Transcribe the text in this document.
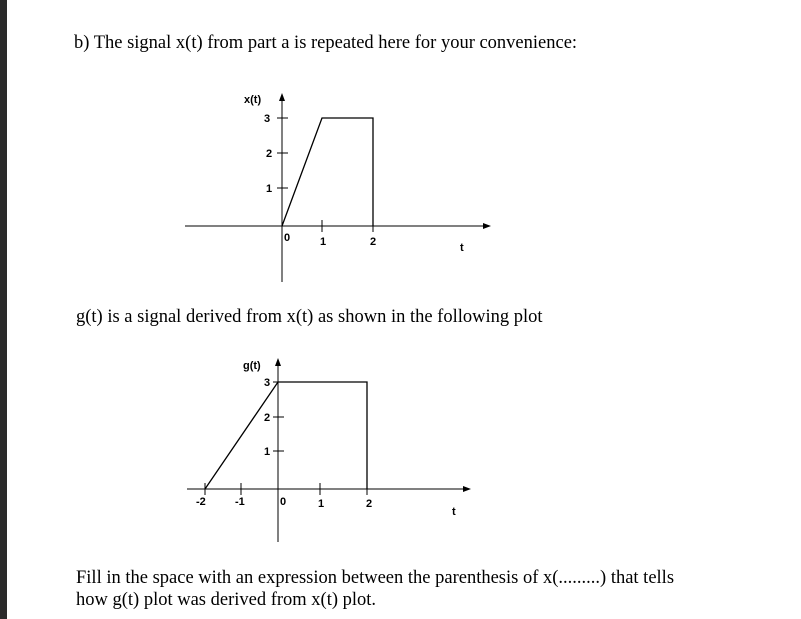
b) The signal x(t) from part a is repeated here for your convenience:
x(t)
3
2
1
0	1	2	t
g(t)
3
2
1
-2	-1	0	1	2
t
g(t) is a signal derived from x(t) as shown in the following plot
Fill in the space with an expression between the parenthesis of x(.........) that tells
how g(t) plot was derived from x(t) plot.
